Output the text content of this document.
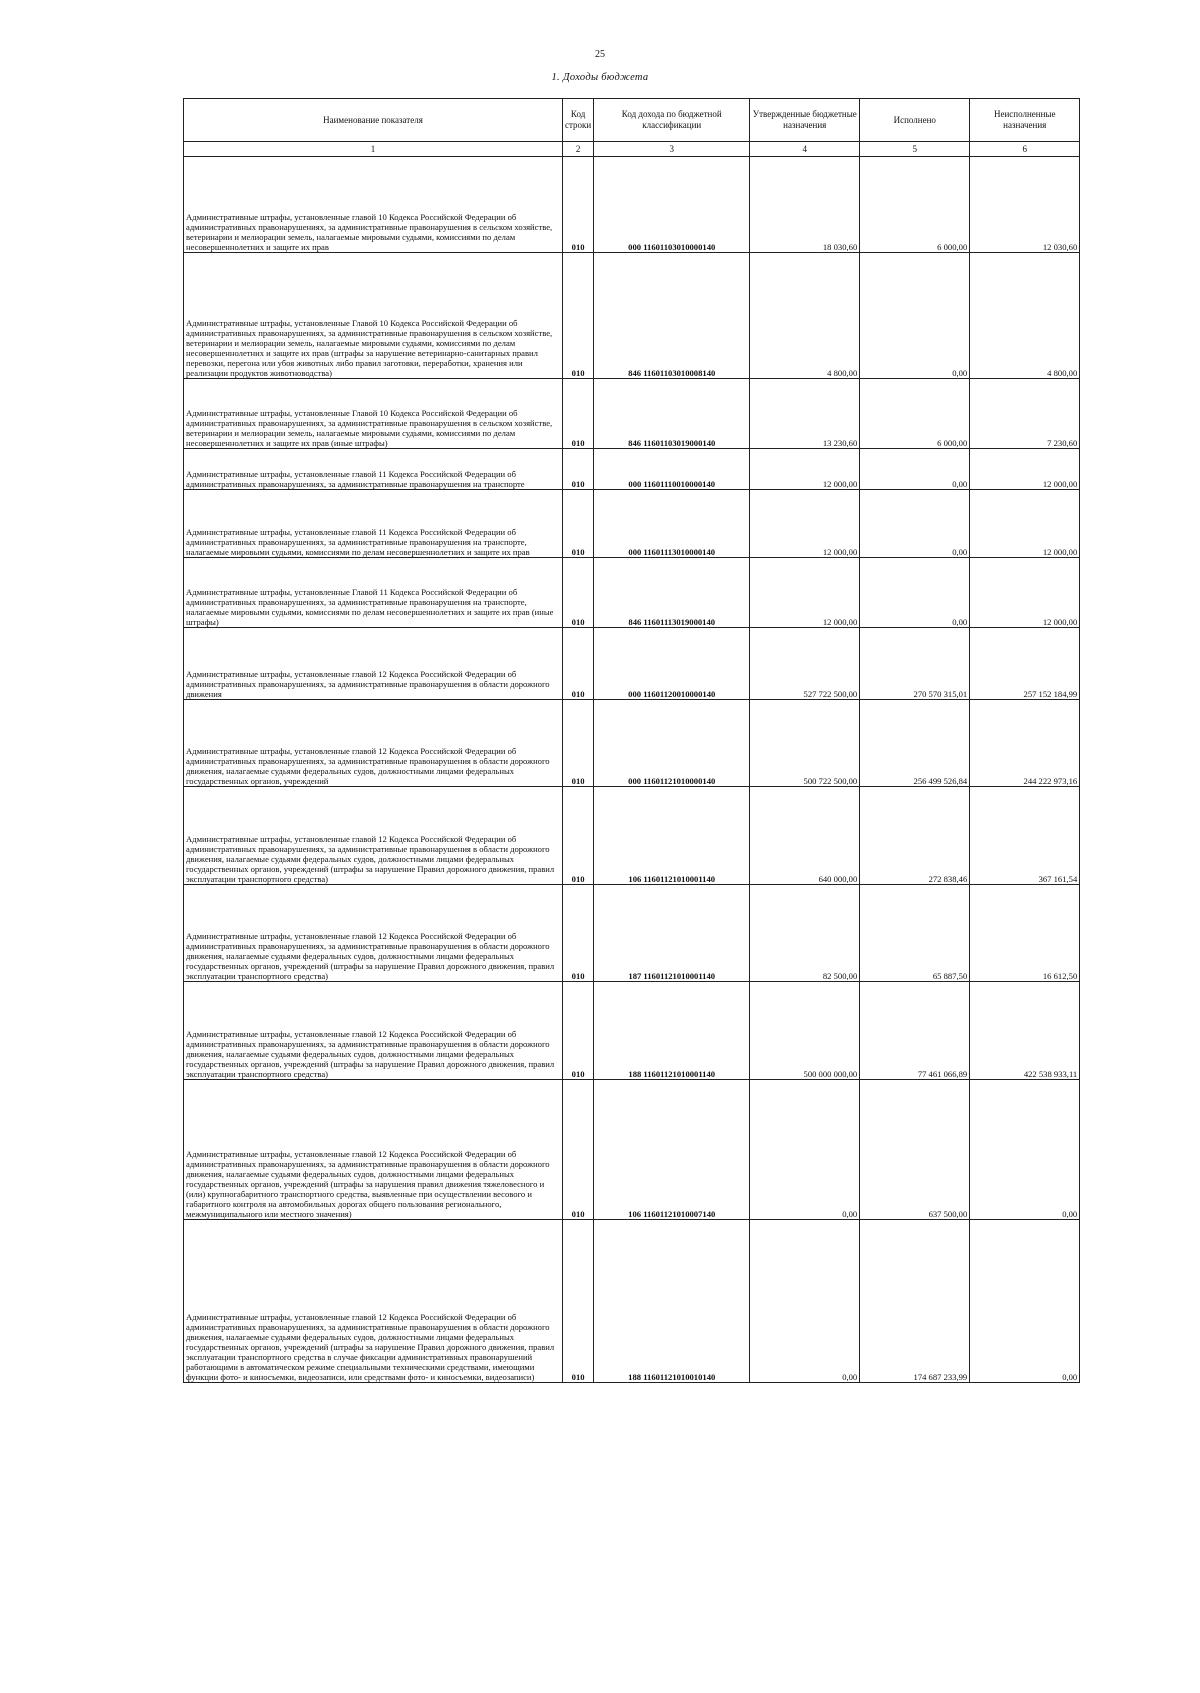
25
1. Доходы бюджета
Наименование показателя	Код строки	Код дохода по бюджетной классификации	Утвержденные бюджетные назначения	Исполнено	Неисполненные назначения
1	2	3	4	5	6
Административные штрафы, установленные главой 10 Кодекса Российской Федерации об административных правонарушениях, за административные правонарушения в сельском хозяйстве, ветеринарии и мелиорации земель, налагаемые мировыми судьями, комиссиями по делам несовершеннолетних и защите их прав	010	000 11601103010000140	18 030,60	6 000,00	12 030,60
Административные штрафы, установленные Главой 10 Кодекса Российской Федерации об административных правонарушениях, за административные правонарушения в сельском хозяйстве, ветеринарии и мелиорации земель, налагаемые мировыми судьями, комиссиями по делам несовершеннолетних и защите их прав (штрафы за нарушение ветеринарно-санитарных правил перевозки, перегона или убоя животных либо правил заготовки, переработки, хранения или реализации продуктов животноводства)	010	846 11601103010008140	4 800,00	0,00	4 800,00
Административные штрафы, установленные Главой 10 Кодекса Российской Федерации об административных правонарушениях, за административные правонарушения в сельском хозяйстве, ветеринарии и мелиорации земель, налагаемые мировыми судьями, комиссиями по делам несовершеннолетних и защите их прав (иные штрафы)	010	846 11601103019000140	13 230,60	6 000,00	7 230,60
Административные штрафы, установленные главой 11 Кодекса Российской Федерации об административных правонарушениях, за административные правонарушения на транспорте	010	000 11601110010000140	12 000,00	0,00	12 000,00
Административные штрафы, установленные главой 11 Кодекса Российской Федерации об административных правонарушениях, за административные правонарушения на транспорте, налагаемые мировыми судьями, комиссиями по делам несовершеннолетних и защите их прав	010	000 11601113010000140	12 000,00	0,00	12 000,00
Административные штрафы, установленные Главой 11 Кодекса Российской Федерации об административных правонарушениях, за административные правонарушения на транспорте, налагаемые мировыми судьями, комиссиями по делам несовершеннолетних и защите их прав (иные штрафы)	010	846 11601113019000140	12 000,00	0,00	12 000,00
Административные штрафы, установленные главой 12 Кодекса Российской Федерации об административных правонарушениях, за административные правонарушения в области дорожного движения	010	000 11601120010000140	527 722 500,00	270 570 315,01	257 152 184,99
Административные штрафы, установленные главой 12 Кодекса Российской Федерации об административных правонарушениях, за административные правонарушения в области дорожного движения, налагаемые судьями федеральных судов, должностными лицами федеральных государственных органов, учреждений	010	000 11601121010000140	500 722 500,00	256 499 526,84	244 222 973,16
Административные штрафы, установленные главой 12 Кодекса Российской Федерации об административных правонарушениях, за административные правонарушения в области дорожного движения, налагаемые судьями федеральных судов, должностными лицами федеральных государственных органов, учреждений (штрафы за нарушение Правил дорожного движения, правил эксплуатации транспортного средства)	010	106 11601121010001140	640 000,00	272 838,46	367 161,54
Административные штрафы, установленные главой 12 Кодекса Российской Федерации об административных правонарушениях, за административные правонарушения в области дорожного движения, налагаемые судьями федеральных судов, должностными лицами федеральных государственных органов, учреждений (штрафы за нарушение Правил дорожного движения, правил эксплуатации транспортного средства)	010	187 11601121010001140	82 500,00	65 887,50	16 612,50
Административные штрафы, установленные главой 12 Кодекса Российской Федерации об административных правонарушениях, за административные правонарушения в области дорожного движения, налагаемые судьями федеральных судов, должностными лицами федеральных государственных органов, учреждений (штрафы за нарушение Правил дорожного движения, правил эксплуатации транспортного средства)	010	188 11601121010001140	500 000 000,00	77 461 066,89	422 538 933,11
Административные штрафы, установленные главой 12 Кодекса Российской Федерации об административных правонарушениях, за административные правонарушения в области дорожного движения, налагаемые судьями федеральных судов, должностными лицами федеральных государственных органов, учреждений (штрафы за нарушения правил движения тяжеловесного и (или) крупногабаритного транспортного средства, выявленные при осуществлении весового и габаритного контроля на автомобильных дорогах общего пользования регионального, межмуниципального или местного значения)	010	106 11601121010007140	0,00	637 500,00	0,00
Административные штрафы, установленные главой 12 Кодекса Российской Федерации об административных правонарушениях, за административные правонарушения в области дорожного движения, налагаемые судьями федеральных судов, должностными лицами федеральных государственных органов, учреждений (штрафы за нарушение Правил дорожного движения, правил эксплуатации транспортного средства в случае фиксации административных правонарушений работающими в автоматическом режиме специальными техническими средствами, имеющими функции фото- и киносъемки, видеозаписи, или средствами фото- и киносъемки, видеозаписи)	010	188 11601121010010140	0,00	174 687 233,99	0,00
